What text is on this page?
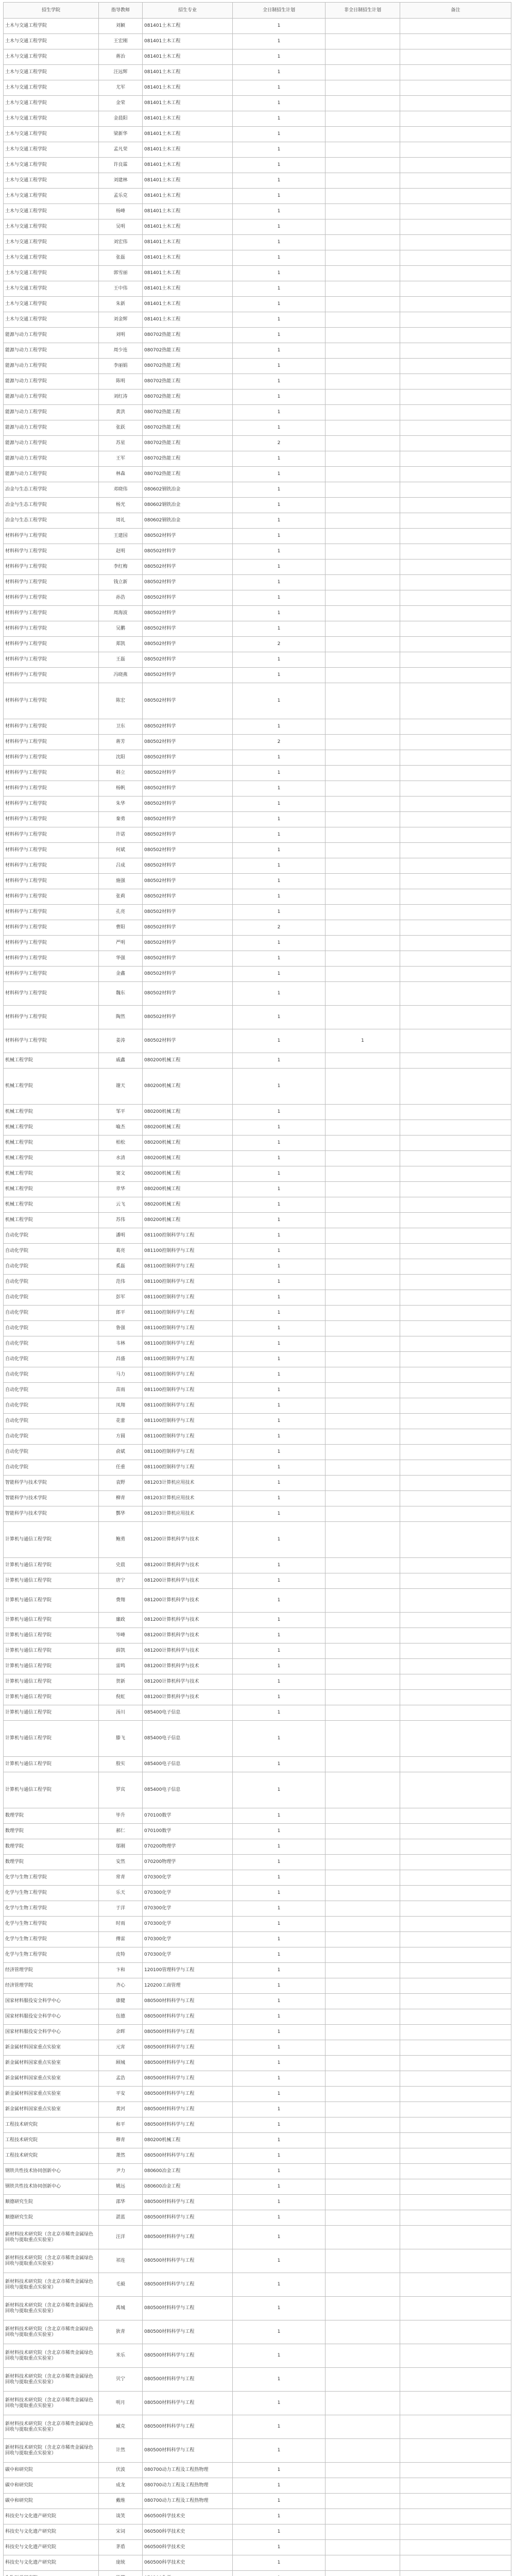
招生学院	指导教师	招生专业	全日制招生计划	非全日制招生计划	备注
土木与交通工程学院	刘颖	081401土木工程	1		
土木与交通工程学院	王宏刚	081401土木工程	1		
土木与交通工程学院	蒋治	081401土木工程	1		
土木与交通工程学院	汪远辉	081401土木工程	1		
土木与交通工程学院	尤军	081401土木工程	1		
土木与交通工程学院	金荣	081401土木工程	1		
土木与交通工程学院	金晨阳	081401土木工程	1		
土木与交通工程学院	梁新华	081401土木工程	1		
土木与交通工程学院	孟凡荣	081401土木工程	1		
土木与交通工程学院	许良霖	081401土木工程	1		
土木与交通工程学院	刘建林	081401土木工程	1		
土木与交通工程学院	孟乐克	081401土木工程	1		
土木与交通工程学院	杨峰	081401土木工程	1		
土木与交通工程学院	吴明	081401土木工程	1		
土木与交通工程学院	刘宏伟	081401土木工程	1		
土木与交通工程学院	张磊	081401土木工程	1		
土木与交通工程学院	郭雪丽	081401土木工程	1		
土木与交通工程学院	王中伟	081401土木工程	1		
土木与交通工程学院	朱新	081401土木工程	1		
土木与交通工程学院	刘金辉	081401土木工程	1		
能源与动力工程学院	刘明	080702热能工程	1		
能源与动力工程学院	周少连	080702热能工程	1		
能源与动力工程学院	李丽娟	080702热能工程	1		
能源与动力工程学院	陈明	080702热能工程	1		
能源与动力工程学院	刘红涛	080702热能工程	1		
能源与动力工程学院	黄洪	080702热能工程	1		
能源与动力工程学院	张跃	080702热能工程	1		
能源与动力工程学院	苏星	080702热能工程	2		
能源与动力工程学院	王军	080702热能工程	1		
能源与动力工程学院	林森	080702热能工程	1		
冶金与生态工程学院	邓晓伟	080602钢铁冶金	1		
冶金与生态工程学院	杨光	080602钢铁冶金	1		
冶金与生态工程学院	周礼	080602钢铁冶金	1		
材料科学与工程学院	王建国	080502材料学	1		
材料科学与工程学院	赵明	080502材料学	1		
材料科学与工程学院	李红梅	080502材料学	1		
材料科学与工程学院	钱立新	080502材料学	1		
材料科学与工程学院	孙浩	080502材料学	1		
材料科学与工程学院	周海波	080502材料学	1		
材料科学与工程学院	吴鹏	080502材料学	1		
材料科学与工程学院	郑凯	080502材料学	2		
材料科学与工程学院	王磊	080502材料学	1		
材料科学与工程学院	冯晓燕	080502材料学	1		
材料科学与工程学院	陈宏	080502材料学	1		
材料科学与工程学院	卫东	080502材料学	1		
材料科学与工程学院	蒋芳	080502材料学	2		
材料科学与工程学院	沈阳	080502材料学	1		
材料科学与工程学院	韩立	080502材料学	1		
材料科学与工程学院	杨帆	080502材料学	1		
材料科学与工程学院	朱华	080502材料学	1		
材料科学与工程学院	秦勇	080502材料学	1		
材料科学与工程学院	许诺	080502材料学	1		
材料科学与工程学院	何斌	080502材料学	1		
材料科学与工程学院	吕成	080502材料学	1		
材料科学与工程学院	施强	080502材料学	1		
材料科学与工程学院	张莉	080502材料学	1		
材料科学与工程学院	孔亮	080502材料学	1		
材料科学与工程学院	曹阳	080502材料学	2		
材料科学与工程学院	严明	080502材料学	1		
材料科学与工程学院	华强	080502材料学	1		
材料科学与工程学院	金鑫	080502材料学	1		
材料科学与工程学院	魏东	080502材料学	1		
材料科学与工程学院	陶然	080502材料学	1		
材料科学与工程学院	姜涛	080502材料学	1	1	
机械工程学院	戚鑫	080200机械工程	1		
机械工程学院	谢天	080200机械工程	1		
机械工程学院	邹平	080200机械工程	1		
机械工程学院	喻杰	080200机械工程	1		
机械工程学院	柏松	080200机械工程	1		
机械工程学院	水清	080200机械工程	1		
机械工程学院	窦文	080200机械工程	1		
机械工程学院	章华	080200机械工程	1		
机械工程学院	云飞	080200机械工程	1		
机械工程学院	苏伟	080200机械工程	1		
自动化学院	潘明	081100控制科学与工程	1		
自动化学院	葛亮	081100控制科学与工程	1		
自动化学院	奚磊	081100控制科学与工程	1		
自动化学院	范伟	081100控制科学与工程	1		
自动化学院	彭军	081100控制科学与工程	1		
自动化学院	郎平	081100控制科学与工程	1		
自动化学院	鲁强	081100控制科学与工程	1		
自动化学院	韦林	081100控制科学与工程	1		
自动化学院	昌盛	081100控制科学与工程	1		
自动化学院	马力	081100控制科学与工程	1		
自动化学院	苗雨	081100控制科学与工程	1		
自动化学院	凤翔	081100控制科学与工程	1		
自动化学院	花蕾	081100控制科学与工程	1		
自动化学院	方圆	081100控制科学与工程	1		
自动化学院	俞斌	081100控制科学与工程	1		
自动化学院	任重	081100控制科学与工程	1		
智能科学与技术学院	袁野	081203计算机应用技术	1		
智能科学与技术学院	柳青	081203计算机应用技术	1		
智能科学与技术学院	酆华	081203计算机应用技术	1		
计算机与通信工程学院	鲍勇	081200计算机科学与技术	1		
计算机与通信工程学院	史晨	081200计算机科学与技术	1		
计算机与通信工程学院	唐宁	081200计算机科学与技术	1		
计算机与通信工程学院	费翔	081200计算机科学与技术	1		
计算机与通信工程学院	廉政	081200计算机科学与技术	1		
计算机与通信工程学院	岑峰	081200计算机科学与技术	1		
计算机与通信工程学院	薛凯	081200计算机科学与技术	1		
计算机与通信工程学院	雷鸣	081200计算机科学与技术	1		
计算机与通信工程学院	贺新	081200计算机科学与技术	1		
计算机与通信工程学院	倪虹	081200计算机科学与技术	1		
计算机与通信工程学院	汤川	085400电子信息	1		
计算机与通信工程学院	滕飞	085400电子信息	1		
计算机与通信工程学院	殷实	085400电子信息	1		
计算机与通信工程学院	罗宾	085400电子信息	1		
数理学院	毕升	070100数学	1		
数理学院	郝仁	070100数学	1		
数理学院	邬刚	070200物理学	1		
数理学院	安然	070200物理学	1		
化学与生物工程学院	常青	070300化学	1		
化学与生物工程学院	乐天	070300化学	1		
化学与生物工程学院	于洋	070300化学	1		
化学与生物工程学院	时雨	070300化学	1		
化学与生物工程学院	傅雷	070300化学	1		
化学与生物工程学院	皮特	070300化学	1		
经济管理学院	卞和	120100管理科学与工程	1		
经济管理学院	齐心	120200工商管理	1		
国家材料服役安全科学中心	康健	080500材料科学与工程	1		
国家材料服役安全科学中心	伍德	080500材料科学与工程	1		
国家材料服役安全科学中心	余晖	080500材料科学与工程	1		
新金属材料国家重点实验室	元宵	080500材料科学与工程	1		
新金属材料国家重点实验室	顾城	080500材料科学与工程	1		
新金属材料国家重点实验室	孟浩	080500材料科学与工程	1		
新金属材料国家重点实验室	平安	080500材料科学与工程	1		
新金属材料国家重点实验室	黄河	080500材料科学与工程	1		
工程技术研究院	和平	080500材料科学与工程	1		
工程技术研究院	穆青	080200机械工程	1		
工程技术研究院	萧然	080500材料科学与工程	1		
钢铁共性技术协同创新中心	尹力	080600冶金工程	1		
钢铁共性技术协同创新中心	姚远	080600冶金工程	1		
顺德研究生院	邵华	080500材料科学与工程	1		
顺德研究生院	湛蓝	080500材料科学与工程	1		
新材料技术研究院（含北京市稀贵金属绿色回收与提取重点实验室）	汪洋	080500材料科学与工程	1		
新材料技术研究院（含北京市稀贵金属绿色回收与提取重点实验室）	祁连	080500材料科学与工程	1		
新材料技术研究院（含北京市稀贵金属绿色回收与提取重点实验室）	毛毅	080500材料科学与工程	1		
新材料技术研究院（含北京市稀贵金属绿色回收与提取重点实验室）	禹城	080500材料科学与工程	1		
新材料技术研究院（含北京市稀贵金属绿色回收与提取重点实验室）	狄青	080500材料科学与工程	1		
新材料技术研究院（含北京市稀贵金属绿色回收与提取重点实验室）	米乐	080500材料科学与工程	1		
新材料技术研究院（含北京市稀贵金属绿色回收与提取重点实验室）	贝宁	080500材料科学与工程	1		
新材料技术研究院（含北京市稀贵金属绿色回收与提取重点实验室）	明月	080500材料科学与工程	1		
新材料技术研究院（含北京市稀贵金属绿色回收与提取重点实验室）	臧克	080500材料科学与工程	1		
新材料技术研究院（含北京市稀贵金属绿色回收与提取重点实验室）	计然	080500材料科学与工程	1		
碳中和研究院	伏波	080700动力工程及工程热物理	1		
碳中和研究院	成龙	080700动力工程及工程热物理	1		
碳中和研究院	戴维	080700动力工程及工程热物理	1		
科技史与文化遗产研究院	谈笑	060500科学技术史	1		
科技史与文化遗产研究院	宋词	060500科学技术史	1		
科技史与文化遗产研究院	茅盾	060500科学技术史	1		
科技史与文化遗产研究院	庞统	060500科学技术史	1		
